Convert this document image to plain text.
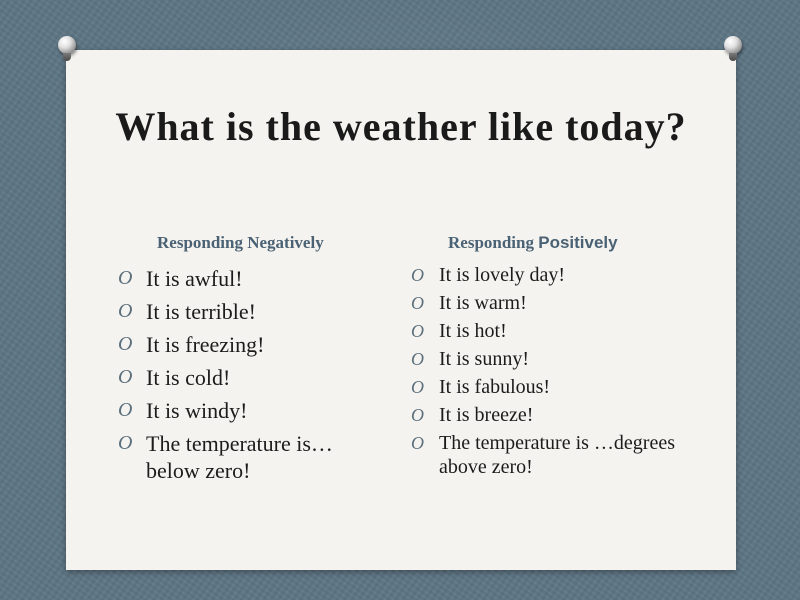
What is the weather like today?
Responding Negatively	Responding Positively
O It is awful!
O It is terrible!
O It is freezing!
O It is cold!
O It is windy!
O The temperature is…below zero!
O It is lovely day!
O It is warm!
O It is hot!
O It is sunny!
O It is fabulous!
O It is breeze!
O The temperature is …degrees above zero!
